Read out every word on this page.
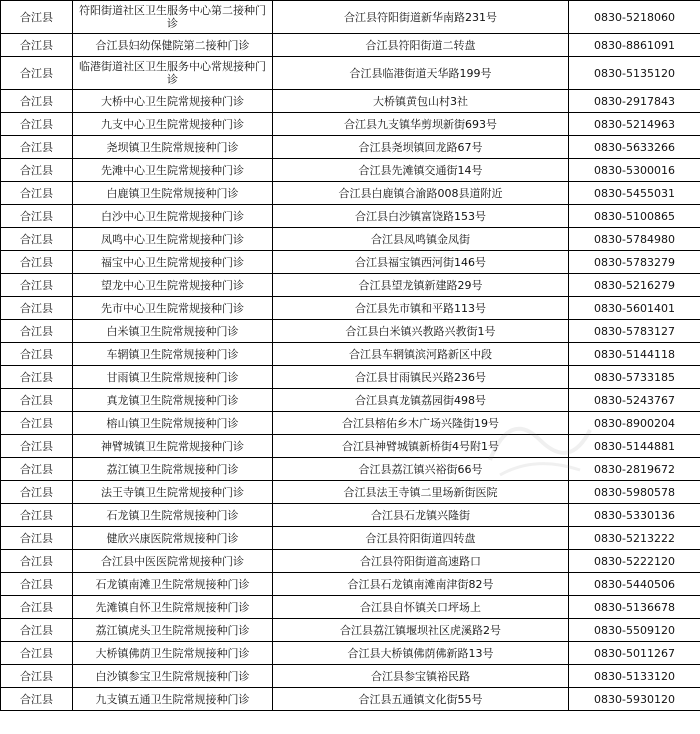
合江县	符阳街道社区卫生服务中心第二接种门诊	合江县符阳街道新华南路231号	0830-5218060
合江县	合江县妇幼保健院第二接种门诊	合江县符阳街道二转盘	0830-8861091
合江县	临港街道社区卫生服务中心常规接种门诊	合江县临港街道天华路199号	0830-5135120
合江县	大桥中心卫生院常规接种门诊	大桥镇黄包山村3社	0830-2917843
合江县	九支中心卫生院常规接种门诊	合江县九支镇华剪坝新街693号	0830-5214963
合江县	尧坝镇卫生院常规接种门诊	合江县尧坝镇回龙路67号	0830-5633266
合江县	先滩中心卫生院常规接种门诊	合江县先滩镇交通街14号	0830-5300016
合江县	白鹿镇卫生院常规接种门诊	合江县白鹿镇合渝路008县道附近	0830-5455031
合江县	白沙中心卫生院常规接种门诊	合江县白沙镇富饶路153号	0830-5100865
合江县	凤鸣中心卫生院常规接种门诊	合江县凤鸣镇金凤街	0830-5784980
合江县	福宝中心卫生院常规接种门诊	合江县福宝镇西河街146号	0830-5783279
合江县	望龙中心卫生院常规接种门诊	合江县望龙镇新建路29号	0830-5216279
合江县	先市中心卫生院常规接种门诊	合江县先市镇和平路113号	0830-5601401
合江县	白米镇卫生院常规接种门诊	合江县白米镇兴教路兴教街1号	0830-5783127
合江县	车辋镇卫生院常规接种门诊	合江县车辋镇滨河路新区中段	0830-5144118
合江县	甘雨镇卫生院常规接种门诊	合江县甘雨镇民兴路236号	0830-5733185
合江县	真龙镇卫生院常规接种门诊	合江县真龙镇荔园街498号	0830-5243767
合江县	榕山镇卫生院常规接种门诊	合江县榕佑乡木广场兴隆街19号	0830-8900204
合江县	神臂城镇卫生院常规接种门诊	合江县神臂城镇新桥街4号附1号	0830-5144881
合江县	荔江镇卫生院常规接种门诊	合江县荔江镇兴裕街66号	0830-2819672
合江县	法王寺镇卫生院常规接种门诊	合江县法王寺镇二里场新街医院	0830-5980578
合江县	石龙镇卫生院常规接种门诊	合江县石龙镇兴隆街	0830-5330136
合江县	健欣兴康医院常规接种门诊	合江县符阳街道四转盘	0830-5213222
合江县	合江县中医医院常规接种门诊	合江县符阳街道高速路口	0830-5222120
合江县	石龙镇南滩卫生院常规接种门诊	合江县石龙镇南滩南津街82号	0830-5440506
合江县	先滩镇自怀卫生院常规接种门诊	合江县自怀镇关口坪场上	0830-5136678
合江县	荔江镇虎头卫生院常规接种门诊	合江县荔江镇堰坝社区虎溪路2号	0830-5509120
合江县	大桥镇佛荫卫生院常规接种门诊	合江县大桥镇佛荫佛新路13号	0830-5011267
合江县	白沙镇参宝卫生院常规接种门诊	合江县参宝镇裕民路	0830-5133120
合江县	九支镇五通卫生院常规接种门诊	合江县五通镇文化街55号	0830-5930120
